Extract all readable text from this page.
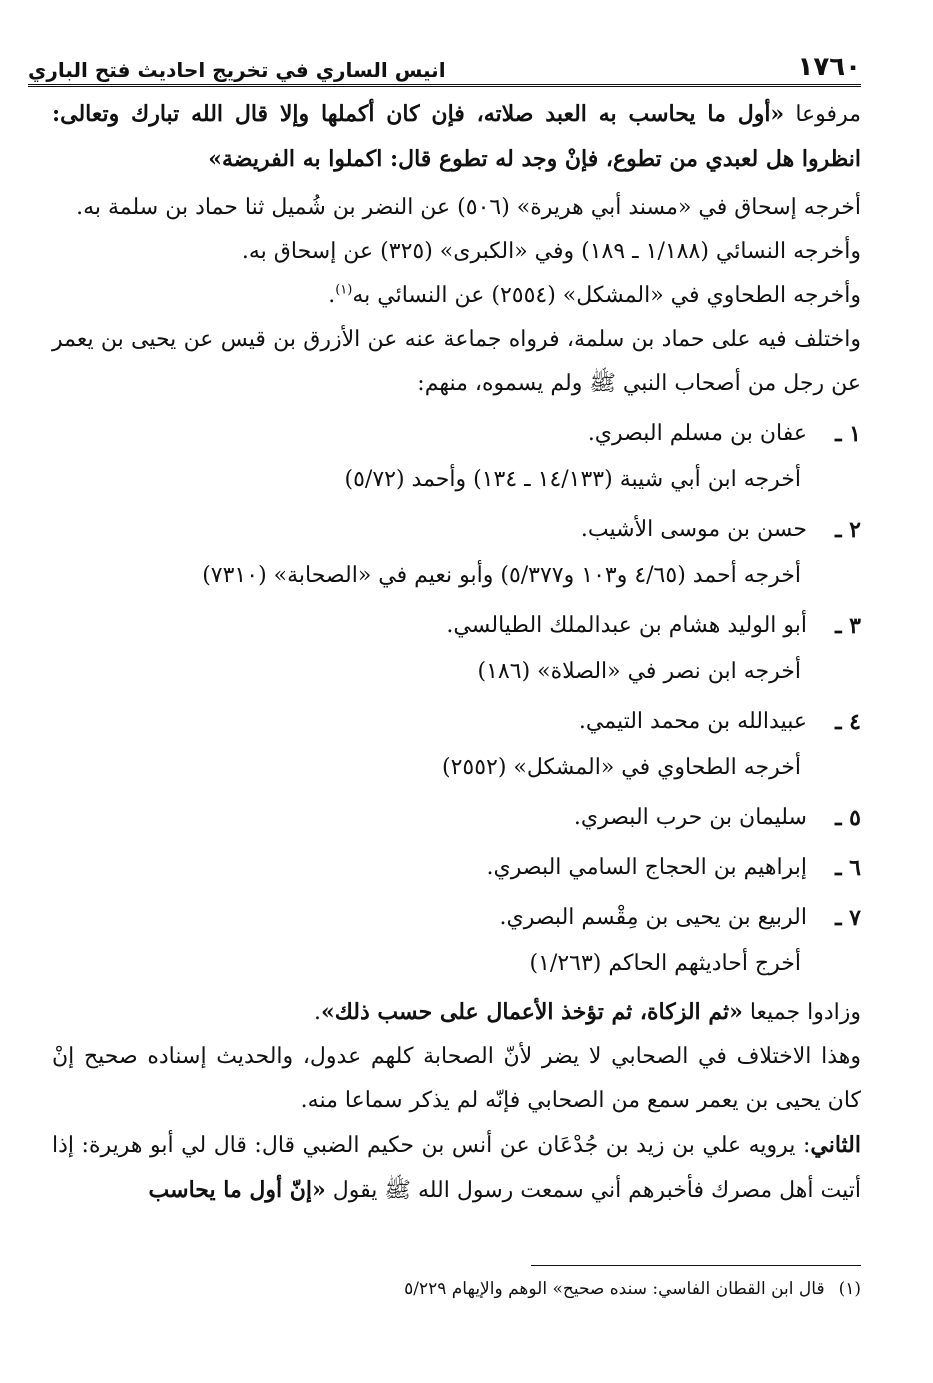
١٧٦٠
انيس الساري في تخريج احاديث فتح الباري

مرفوعا «أول ما يحاسب به العبد صلاته، فإن كان أكملها وإلا قال الله تبارك وتعالى: انظروا هل لعبدي من تطوع، فإنْ وجد له تطوع قال: اكملوا به الفريضة»

أخرجه إسحاق في «مسند أبي هريرة» (٥٠٦) عن النضر بن شُميل ثنا حماد بن سلمة به.

وأخرجه النسائي (١/١٨٨ ـ ١٨٩) وفي «الكبرى» (٣٢٥) عن إسحاق به.

وأخرجه الطحاوي في «المشكل» (٢٥٥٤) عن النسائي به$^{(١)}$.

واختلف فيه على حماد بن سلمة، فرواه جماعة عنه عن الأزرق بن قيس عن يحيى بن يعمر عن رجل من أصحاب النبي ﷺ ولم يسموه، منهم:

١ ـ
عفان بن مسلم البصري.

أخرجه ابن أبي شيبة (١٤/١٣٣ ـ ١٣٤) وأحمد (٥/٧٢)

٢ ـ
حسن بن موسى الأشيب.

أخرجه أحمد (٤/٦٥ و١٠٣ و٥/٣٧٧) وأبو نعيم في «الصحابة» (٧٣١٠)

٣ ـ
أبو الوليد هشام بن عبدالملك الطيالسي.

أخرجه ابن نصر في «الصلاة» (١٨٦)

٤ ـ
عبيدالله بن محمد التيمي.

أخرجه الطحاوي في «المشكل» (٢٥٥٢)

٥ ـ
سليمان بن حرب البصري.

٦ ـ
إبراهيم بن الحجاج السامي البصري.

٧ ـ
الربيع بن يحيى بن مِقْسم البصري.

أخرج أحاديثهم الحاكم (١/٢٦٣)

وزادوا جميعا «ثم الزكاة، ثم تؤخذ الأعمال على حسب ذلك».

وهذا الاختلاف في الصحابي لا يضر لأنّ الصحابة كلهم عدول، والحديث إسناده صحيح إنْ كان يحيى بن يعمر سمع من الصحابي فإنّه لم يذكر سماعا منه.

الثاني: يرويه علي بن زيد بن جُدْعَان عن أنس بن حكيم الضبي قال: قال لي أبو هريرة: إذا أتيت أهل مصرك فأخبرهم أني سمعت رسول الله ﷺ يقول «إنّ أول ما يحاسب

(١)
قال ابن القطان الفاسي: سنده صحيح» الوهم والإيهام ٥/٢٢٩
